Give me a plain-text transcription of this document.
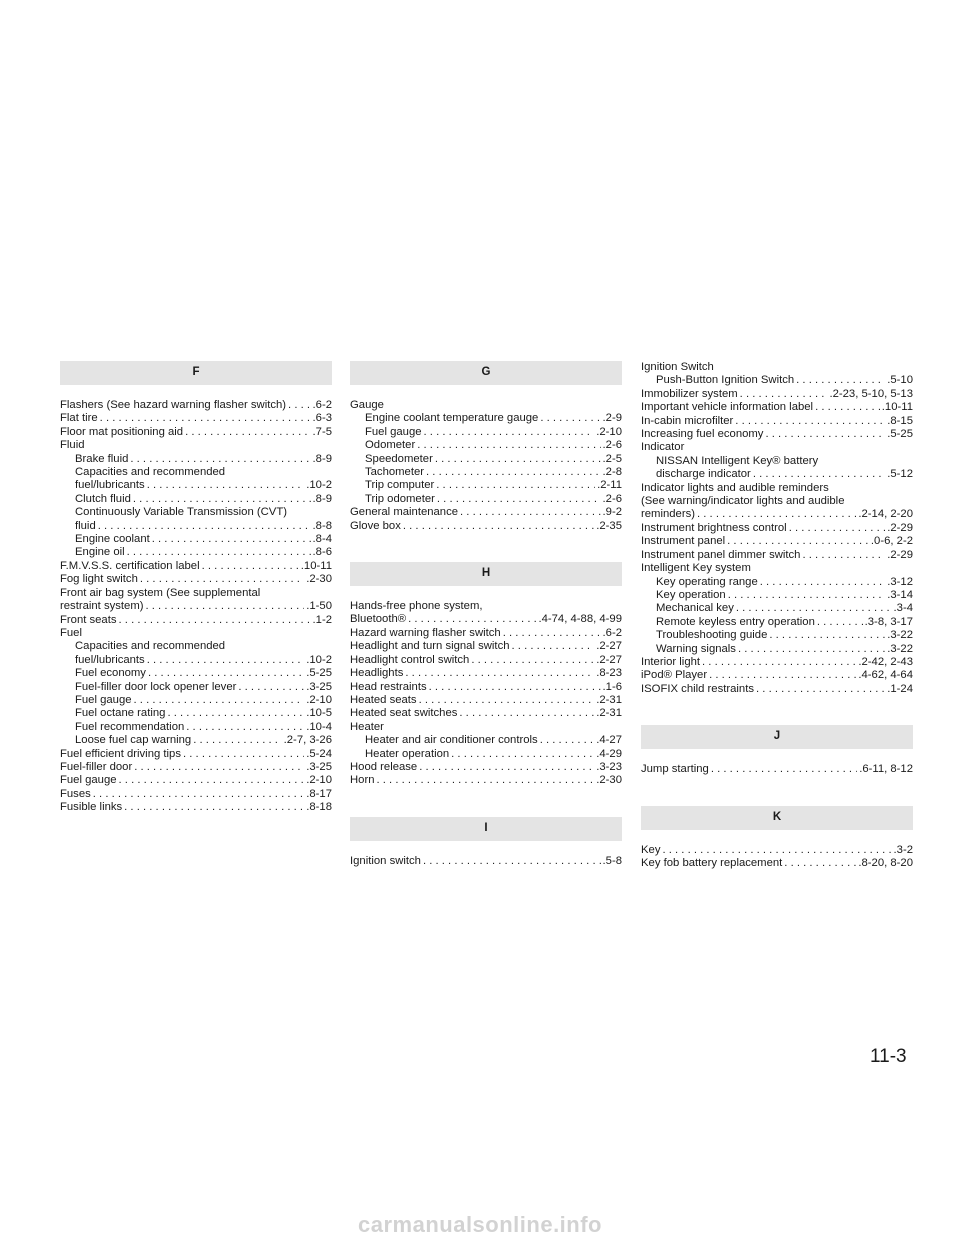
F
Flashers (See hazard warning flasher switch) . . . .6-2
Flat tire . . .	.6-3
Floor mat positioning aid . . .	.7-5
Fluid
Brake fluid . . .	.8-9
Capacities and recommended
fuel/lubricants . . .	.10-2
Clutch fluid . . .	.8-9
Continuously Variable Transmission (CVT)
fluid . . .	.8-8
Engine coolant . . .	.8-4
Engine oil . . .	.8-6
F.M.V.S.S. certification label . . .	.10-11
Fog light switch . . .	.2-30
Front air bag system (See supplemental
restraint system) . . .	.1-50
Front seats . . .	.1-2
Fuel
Capacities and recommended
fuel/lubricants . . .	.10-2
Fuel economy . . .	.5-25
Fuel-filler door lock opener lever . . .	.3-25
Fuel gauge . . .	.2-10
Fuel octane rating . . .	.10-5
Fuel recommendation . . .	.10-4
Loose fuel cap warning . . .	.2-7, 3-26
Fuel efficient driving tips . . .	.5-24
Fuel-filler door . . .	.3-25
Fuel gauge . . .	.2-10
Fuses . . .	.8-17
Fusible links . . .	.8-18
G
Gauge
Engine coolant temperature gauge . . .	.2-9
Fuel gauge . . .	.2-10
Odometer . . .	.2-6
Speedometer . . .	.2-5
Tachometer . . .	.2-8
Trip computer . . .	.2-11
Trip odometer . . .	.2-6
General maintenance . . .	.9-2
Glove box . . .	.2-35
H
Hands-free phone system,
Bluetooth® . . .	.4-74, 4-88, 4-99
Hazard warning flasher switch . . .	.6-2
Headlight and turn signal switch . . .	.2-27
Headlight control switch . . .	.2-27
Headlights . . .	.8-23
Head restraints . . .	.1-6
Heated seats . . .	.2-31
Heated seat switches . . .	.2-31
Heater
Heater and air conditioner controls . . .	.4-27
Heater operation . . .	.4-29
Hood release . . .	.3-23
Horn . . .	.2-30
I
Ignition switch . . .	.5-8
Ignition Switch
Push-Button Ignition Switch . . .	.5-10
Immobilizer system . . .	.2-23, 5-10, 5-13
Important vehicle information label . . .	.10-11
In-cabin microfilter . . .	.8-15
Increasing fuel economy . . .	.5-25
Indicator
NISSAN Intelligent Key® battery
discharge indicator . . .	.5-12
Indicator lights and audible reminders
(See warning/indicator lights and audible
reminders) . . .	.2-14, 2-20
Instrument brightness control . . .	.2-29
Instrument panel . . .	.0-6, 2-2
Instrument panel dimmer switch . . .	.2-29
Intelligent Key system
Key operating range . . .	.3-12
Key operation . . .	.3-14
Mechanical key . . .	.3-4
Remote keyless entry operation . . .	.3-8, 3-17
Troubleshooting guide . . .	.3-22
Warning signals . . .	.3-22
Interior light . . .	.2-42, 2-43
iPod® Player . . .	.4-62, 4-64
ISOFIX child restraints . . .	.1-24
J
Jump starting . . .	.6-11, 8-12
K
Key . . .	.3-2
Key fob battery replacement . . .	.8-20, 8-20
11-3
carmanualsonline.info
